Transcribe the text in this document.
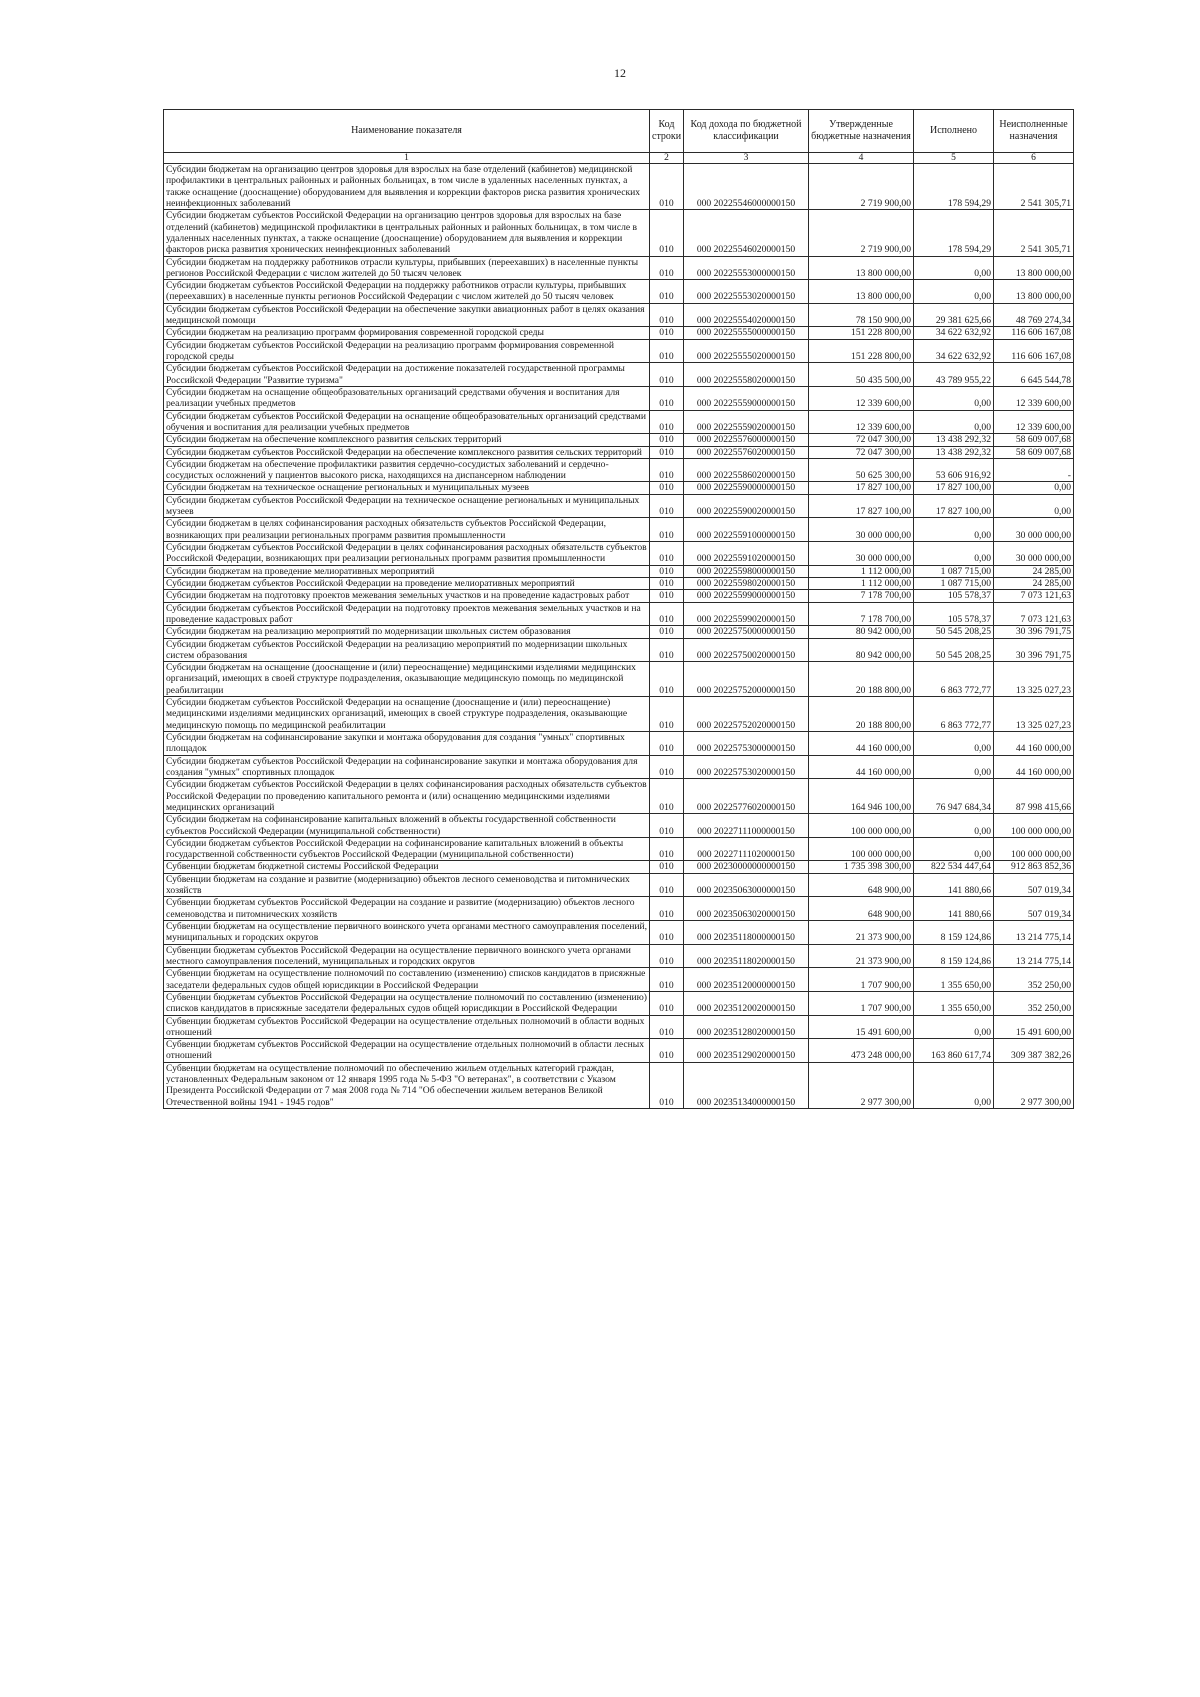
12
Наименование показателя	Код строки	Код дохода по бюджетной классификации	Утвержденные бюджетные назначения	Исполнено	Неисполненные назначения
1	2	3	4	5	6
Субсидии бюджетам на организацию центров здоровья для взрослых на базе отделений (кабинетов) медицинской профилактики в центральных районных и районных больницах, в том числе в удаленных населенных пунктах, а также оснащение (дооснащение) оборудованием для выявления и коррекции факторов риска развития хронических неинфекционных заболеваний	010	000 20225546000000150	2 719 900,00	178 594,29	2 541 305,71
Субсидии бюджетам субъектов Российской Федерации на организацию центров здоровья для взрослых на базе отделений (кабинетов) медицинской профилактики в центральных районных и районных больницах, в том числе в удаленных населенных пунктах, а также оснащение (дооснащение) оборудованием для выявления и коррекции факторов риска развития хронических неинфекционных заболеваний	010	000 20225546020000150	2 719 900,00	178 594,29	2 541 305,71
Субсидии бюджетам на поддержку работников отрасли культуры, прибывших (переехавших) в населенные пункты регионов Российской Федерации с числом жителей до 50 тысяч человек	010	000 20225553000000150	13 800 000,00	0,00	13 800 000,00
Субсидии бюджетам субъектов Российской Федерации на поддержку работников отрасли культуры, прибывших (переехавших) в населенные пункты регионов Российской Федерации с числом жителей до 50 тысяч человек	010	000 20225553020000150	13 800 000,00	0,00	13 800 000,00
Субсидии бюджетам субъектов Российской Федерации на обеспечение закупки авиационных работ в целях оказания медицинской помощи	010	000 20225554020000150	78 150 900,00	29 381 625,66	48 769 274,34
Субсидии бюджетам на реализацию программ формирования современной городской среды	010	000 20225555000000150	151 228 800,00	34 622 632,92	116 606 167,08
Субсидии бюджетам субъектов Российской Федерации на реализацию программ формирования современной городской среды	010	000 20225555020000150	151 228 800,00	34 622 632,92	116 606 167,08
Субсидии бюджетам субъектов Российской Федерации на достижение показателей государственной программы Российской Федерации "Развитие туризма"	010	000 20225558020000150	50 435 500,00	43 789 955,22	6 645 544,78
Субсидии бюджетам на оснащение общеобразовательных организаций средствами обучения и воспитания для реализации учебных предметов	010	000 20225559000000150	12 339 600,00	0,00	12 339 600,00
Субсидии бюджетам субъектов Российской Федерации на оснащение общеобразовательных организаций средствами обучения и воспитания для реализации учебных предметов	010	000 20225559020000150	12 339 600,00	0,00	12 339 600,00
Субсидии бюджетам на обеспечение комплексного развития сельских территорий	010	000 20225576000000150	72 047 300,00	13 438 292,32	58 609 007,68
Субсидии бюджетам субъектов Российской Федерации на обеспечение комплексного развития сельских территорий	010	000 20225576020000150	72 047 300,00	13 438 292,32	58 609 007,68
Субсидии бюджетам на обеспечение профилактики развития сердечно-сосудистых заболеваний и сердечно-сосудистых осложнений у пациентов высокого риска, находящихся на диспансерном наблюдении	010	000 20225586020000150	50 625 300,00	53 606 916,92	-
Субсидии бюджетам на техническое оснащение региональных и муниципальных музеев	010	000 20225590000000150	17 827 100,00	17 827 100,00	0,00
Субсидии бюджетам субъектов Российской Федерации на техническое оснащение региональных и муниципальных музеев	010	000 20225590020000150	17 827 100,00	17 827 100,00	0,00
Субсидии бюджетам в целях софинансирования расходных обязательств субъектов Российской Федерации, возникающих при реализации региональных программ развития промышленности	010	000 20225591000000150	30 000 000,00	0,00	30 000 000,00
Субсидии бюджетам субъектов Российской Федерации в целях софинансирования расходных обязательств субъектов Российской Федерации, возникающих при реализации региональных программ развития промышленности	010	000 20225591020000150	30 000 000,00	0,00	30 000 000,00
Субсидии бюджетам на проведение мелиоративных мероприятий	010	000 20225598000000150	1 112 000,00	1 087 715,00	24 285,00
Субсидии бюджетам субъектов Российской Федерации на проведение мелиоративных мероприятий	010	000 20225598020000150	1 112 000,00	1 087 715,00	24 285,00
Субсидии бюджетам на подготовку проектов межевания земельных участков и на проведение кадастровых работ	010	000 20225599000000150	7 178 700,00	105 578,37	7 073 121,63
Субсидии бюджетам субъектов Российской Федерации на подготовку проектов межевания земельных участков и на проведение кадастровых работ	010	000 20225599020000150	7 178 700,00	105 578,37	7 073 121,63
Субсидии бюджетам на реализацию мероприятий по модернизации школьных систем образования	010	000 20225750000000150	80 942 000,00	50 545 208,25	30 396 791,75
Субсидии бюджетам субъектов Российской Федерации на реализацию мероприятий по модернизации школьных систем образования	010	000 20225750020000150	80 942 000,00	50 545 208,25	30 396 791,75
Субсидии бюджетам на оснащение (дооснащение и (или) переоснащение) медицинскими изделиями медицинских организаций, имеющих в своей структуре подразделения, оказывающие медицинскую помощь по медицинской реабилитации	010	000 20225752000000150	20 188 800,00	6 863 772,77	13 325 027,23
Субсидии бюджетам субъектов Российской Федерации на оснащение (дооснащение и (или) переоснащение) медицинскими изделиями медицинских организаций, имеющих в своей структуре подразделения, оказывающие медицинскую помощь по медицинской реабилитации	010	000 20225752020000150	20 188 800,00	6 863 772,77	13 325 027,23
Субсидии бюджетам на софинансирование закупки и монтажа оборудования для создания "умных" спортивных площадок	010	000 20225753000000150	44 160 000,00	0,00	44 160 000,00
Субсидии бюджетам субъектов Российской Федерации на софинансирование закупки и монтажа оборудования для создания "умных" спортивных площадок	010	000 20225753020000150	44 160 000,00	0,00	44 160 000,00
Субсидии бюджетам субъектов Российской Федерации в целях софинансирования расходных обязательств субъектов Российской Федерации по проведению капитального ремонта и (или) оснащению медицинскими изделиями медицинских организаций	010	000 20225776020000150	164 946 100,00	76 947 684,34	87 998 415,66
Субсидии бюджетам на софинансирование капитальных вложений в объекты государственной собственности субъектов Российской Федерации (муниципальной собственности)	010	000 20227111000000150	100 000 000,00	0,00	100 000 000,00
Субсидии бюджетам субъектов Российской Федерации на софинансирование капитальных вложений в объекты государственной собственности субъектов Российской Федерации (муниципальной собственности)	010	000 20227111020000150	100 000 000,00	0,00	100 000 000,00
Субвенции бюджетам бюджетной системы Российской Федерации	010	000 20230000000000150	1 735 398 300,00	822 534 447,64	912 863 852,36
Субвенции бюджетам на создание и развитие (модернизацию) объектов лесного семеноводства и питомнических хозяйств	010	000 20235063000000150	648 900,00	141 880,66	507 019,34
Субвенции бюджетам субъектов Российской Федерации на создание и развитие (модернизацию) объектов лесного семеноводства и питомнических хозяйств	010	000 20235063020000150	648 900,00	141 880,66	507 019,34
Субвенции бюджетам на осуществление первичного воинского учета органами местного самоуправления поселений, муниципальных и городских округов	010	000 20235118000000150	21 373 900,00	8 159 124,86	13 214 775,14
Субвенции бюджетам субъектов Российской Федерации на осуществление первичного воинского учета органами местного самоуправления поселений, муниципальных и городских округов	010	000 20235118020000150	21 373 900,00	8 159 124,86	13 214 775,14
Субвенции бюджетам на осуществление полномочий по составлению (изменению) списков кандидатов в присяжные заседатели федеральных судов общей юрисдикции в Российской Федерации	010	000 20235120000000150	1 707 900,00	1 355 650,00	352 250,00
Субвенции бюджетам субъектов Российской Федерации на осуществление полномочий по составлению (изменению) списков кандидатов в присяжные заседатели федеральных судов общей юрисдикции в Российской Федерации	010	000 20235120020000150	1 707 900,00	1 355 650,00	352 250,00
Субвенции бюджетам субъектов Российской Федерации на осуществление отдельных полномочий в области водных отношений	010	000 20235128020000150	15 491 600,00	0,00	15 491 600,00
Субвенции бюджетам субъектов Российской Федерации на осуществление отдельных полномочий в области лесных отношений	010	000 20235129020000150	473 248 000,00	163 860 617,74	309 387 382,26
Субвенции бюджетам на осуществление полномочий по обеспечению жильем отдельных категорий граждан, установленных Федеральным законом от 12 января 1995 года № 5-ФЗ "О ветеранах", в соответствии с Указом Президента Российской Федерации от 7 мая 2008 года № 714 "Об обеспечении жильем ветеранов Великой Отечественной войны 1941 - 1945 годов"	010	000 20235134000000150	2 977 300,00	0,00	2 977 300,00
